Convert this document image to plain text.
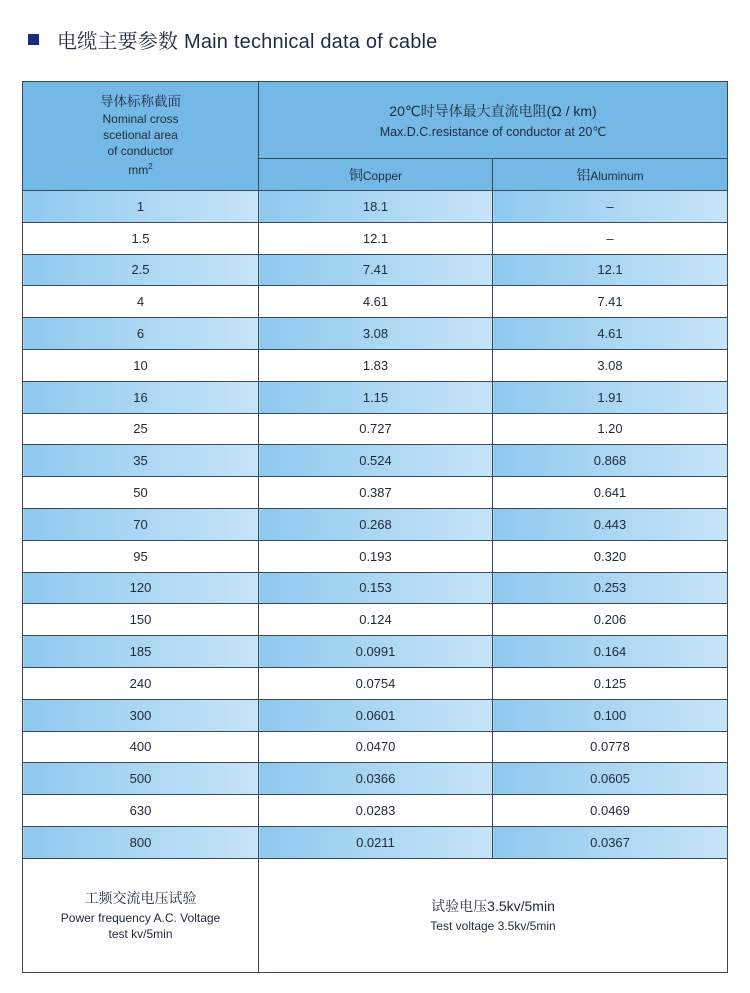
电缆主要参数 Main technical data of cable
导体标称截面
Nominal cross
scetional area
of conductor
$mm^2$	20℃时导体最大直流电阻(Ω / km)
Max.D.C.resistance of conductor at 20℃	

	铜Copper	铝Aluminum
1	18.1	–
1.5	12.1	–
2.5	7.41	12.1
4	4.61	7.41
6	3.08	4.61
10	1.83	3.08
16	1.15	1.91
25	0.727	1.20
35	0.524	0.868
50	0.387	0.641
70	0.268	0.443
95	0.193	0.320
120	0.153	0.253
150	0.124	0.206
185	0.0991	0.164
240	0.0754	0.125
300	0.0601	0.100
400	0.0470	0.0778
500	0.0366	0.0605
630	0.0283	0.0469
800	0.0211	0.0367

工频交流电压试验
Power frequency A.C. Voltage
test kv/5min	试验电压3.5kv/5min
Test voltage 3.5kv/5min	
